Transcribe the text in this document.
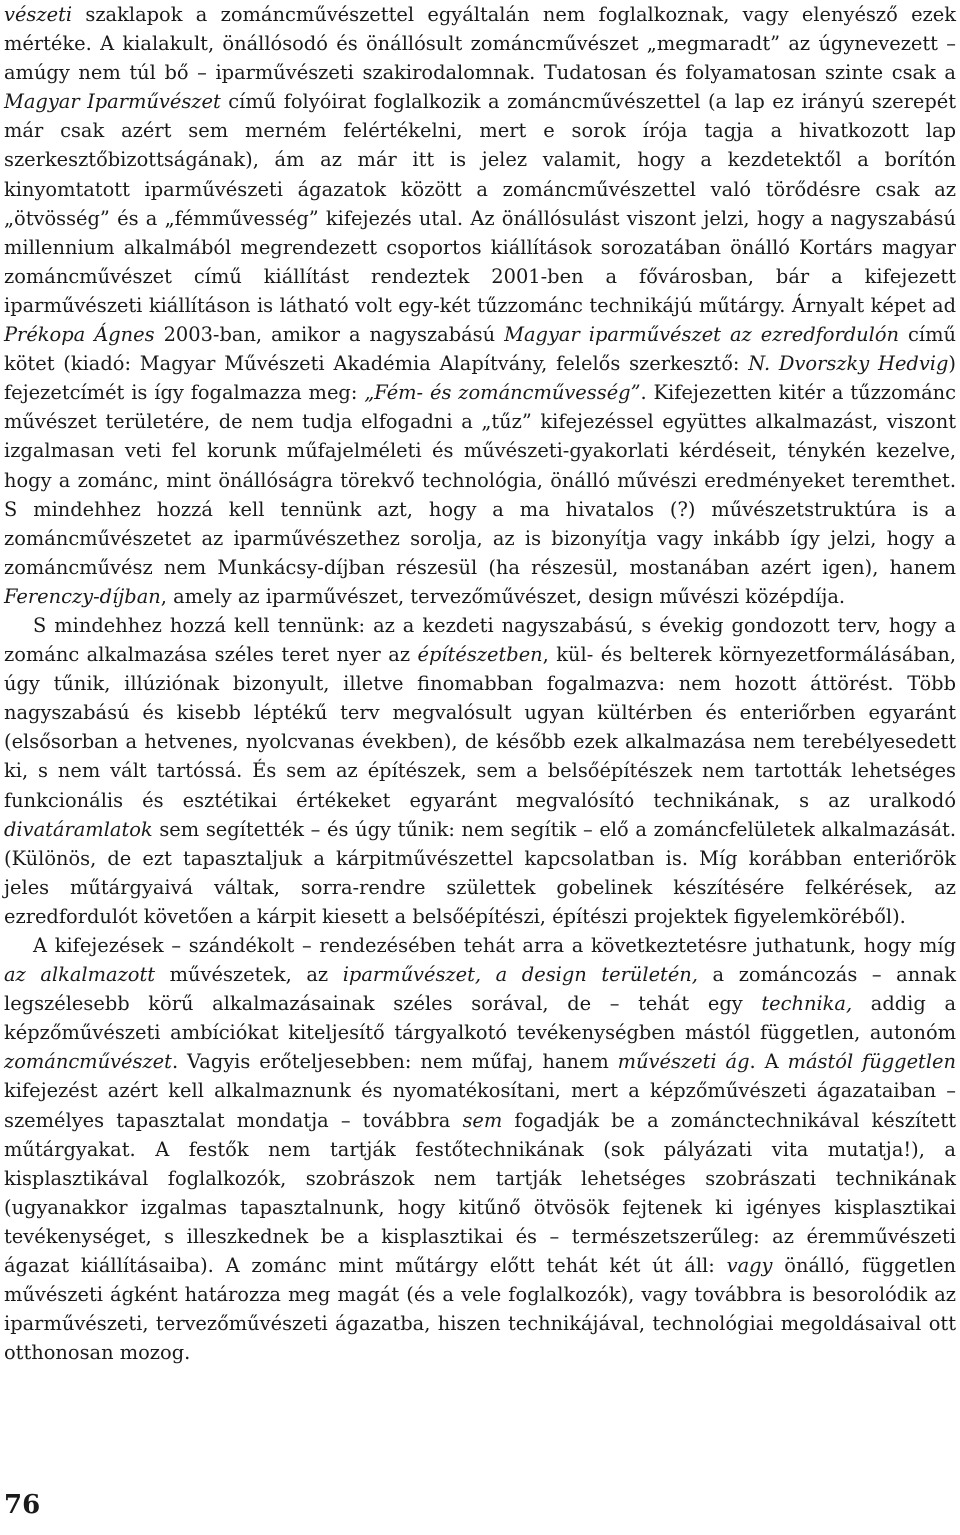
vészeti szaklapok a zománcművészettel egyáltalán nem foglalkoznak, vagy elenyésző ezek mértéke. A kialakult, önállósodó és önállósult zománcművészet „megmaradt” az úgynevezett – amúgy nem túl bő – iparművészeti szakirodalomnak. Tudatosan és folyamatosan szinte csak a Magyar Iparművészet című folyóirat foglalkozik a zománcművészettel (a lap ez irányú szerepét már csak azért sem merném felértékelni, mert e sorok írója tagja a hivatkozott lap szerkesztőbizottságának), ám az már itt is jelez valamit, hogy a kezdetektől a borítón kinyomtatott iparművészeti ágazatok között a zománcművészettel való törődésre csak az „ötvösség” és a „fémművesség” kifejezés utal. Az önállósulást viszont jelzi, hogy a nagyszabású millennium alkalmából megrendezett csoportos kiállítások sorozatában önálló Kortárs magyar zománcművészet című kiállítást rendeztek 2001-ben a fővárosban, bár a kifejezett iparművészeti kiállításon is látható volt egy-két tűzzománc technikájú műtárgy. Árnyalt képet ad Prékopa Ágnes 2003-ban, amikor a nagyszabású Magyar iparművészet az ezredfordulón című kötet (kiadó: Magyar Művészeti Akadémia Alapítvány, felelős szerkesztő: N. Dvorszky Hedvig) fejezetcímét is így fogalmazza meg: „Fém- és zománcművesség”. Kifejezetten kitér a tűzzománc művészet területére, de nem tudja elfogadni a „tűz” kifejezéssel együttes alkalmazást, viszont izgalmasan veti fel korunk műfajelméleti és művészeti-gyakorlati kérdéseit, ténykén kezelve, hogy a zománc, mint önállóságra törekvő technológia, önálló művészi eredményeket teremthet. S mindehhez hozzá kell tennünk azt, hogy a ma hivatalos (?) művészetstruktúra is a zománcművészetet az iparművészethez sorolja, az is bizonyítja vagy inkább így jelzi, hogy a zománcművész nem Munkácsy-díjban részesül (ha részesül, mostanában azért igen), hanem Ferenczy-díjban, amely az iparművészet, tervezőművészet, design művészi középdíja.

S mindehhez hozzá kell tennünk: az a kezdeti nagyszabású, s évekig gondozott terv, hogy a zománc alkalmazása széles teret nyer az építészetben, kül- és belterek környezetformálásában, úgy tűnik, illúziónak bizonyult, illetve finomabban fogalmazva: nem hozott áttörést. Több nagyszabású és kisebb léptékű terv megvalósult ugyan kültérben és enteriőrben egyaránt (elsősorban a hetvenes, nyolcvanas években), de később ezek alkalmazása nem terebélyesedett ki, s nem vált tartóssá. És sem az építészek, sem a belsőépítészek nem tartották lehetséges funkcionális és esztétikai értékeket egyaránt megvalósító technikának, s az uralkodó divatáramlatok sem segítették – és úgy tűnik: nem segítik – elő a zománcfelületek alkalmazását. (Különös, de ezt tapasztaljuk a kárpitművészettel kapcsolatban is. Míg korábban enteriőrök jeles műtárgyaivá váltak, sorra-rendre születtek gobelinek készítésére felkérések, az ezredfordulót követően a kárpit kiesett a belsőépítészi, építészi projektek figyelemköréből).

A kifejezések – szándékolt – rendezésében tehát arra a következtetésre juthatunk, hogy míg az alkalmazott művészetek, az iparművészet, a design területén, a zománcozás – annak legszélesebb körű alkalmazásainak széles sorával, de – tehát egy technika, addig a képzőművészeti ambíciókat kiteljesítő tárgyalkotó tevékenységben mástól független, autonóm zománcművészet. Vagyis erőteljesebben: nem műfaj, hanem művészeti ág. A mástól független kifejezést azért kell alkalmaznunk és nyomatékosítani, mert a képzőművészeti ágazataiban – személyes tapasztalat mondatja – továbbra sem fogadják be a zománctechnikával készített műtárgyakat. A festők nem tartják festőtechnikának (sok pályázati vita mutatja!), a kisplasztikával foglalkozók, szobrászok nem tartják lehetséges szobrászati technikának (ugyanakkor izgalmas tapasztalnunk, hogy kitűnő ötvösök fejtenek ki igényes kisplasztikai tevékenységet, s illeszkednek be a kisplasztikai és – természetszerűleg: az éremművészeti ágazat kiállításaiba). A zománc mint műtárgy előtt tehát két út áll: vagy önálló, független művészeti ágként határozza meg magát (és a vele foglalkozók), vagy továbbra is besorolódik az iparművészeti, tervezőművészeti ágazatba, hiszen technikájával, technológiai megoldásaival ott otthonosan mozog.

76
